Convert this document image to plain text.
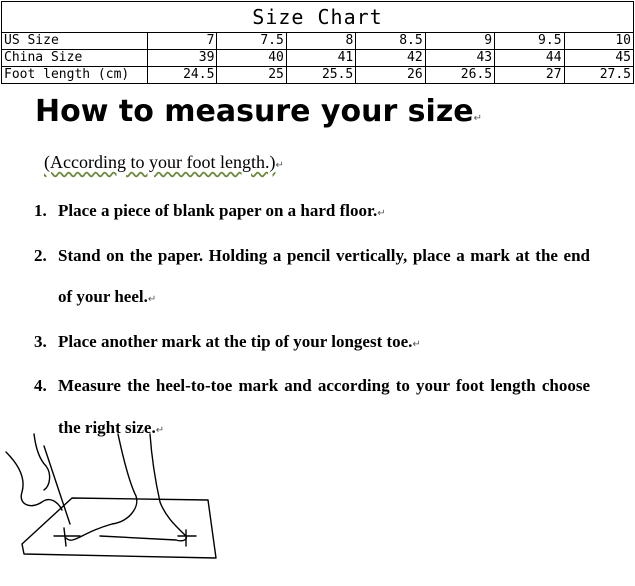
Size Chart							
US Size	7	7.5	8	8.5	9	9.5	10
China Size	39	40	41	42	43	44	45
Foot length (cm)	24.5	25	25.5	26	26.5	27	27.5
How to measure your size↵

(According to your foot length.)↵

1. Place a piece of blank paper on a hard floor.↵
2. Stand on the paper. Holding a pencil vertically, place a mark at the end of your heel.↵
3. Place another mark at the tip of your longest toe.↵
4. Measure the heel-to-toe mark and according to your foot length choose the right size.↵
